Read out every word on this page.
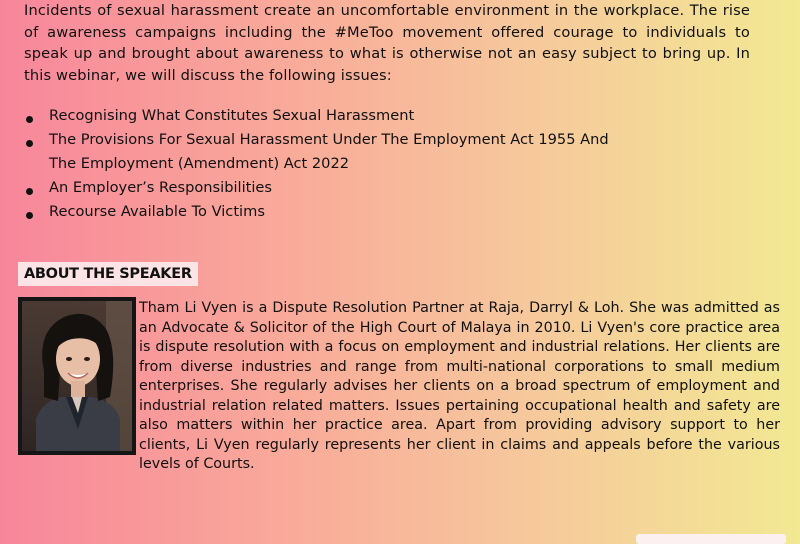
Incidents of sexual harassment create an uncomfortable environment in the workplace. The rise of awareness campaigns including the #MeToo movement offered courage to individuals to speak up and brought about awareness to what is otherwise not an easy subject to bring up. In this webinar, we will discuss the following issues:

Recognising What Constitutes Sexual Harassment
The Provisions For Sexual Harassment Under The Employment Act 1955 And
The Employment (Amendment) Act 2022
An Employer’s Responsibilities
Recourse Available To Victims
ABOUT THE SPEAKER

Tham Li Vyen is a Dispute Resolution Partner at Raja, Darryl & Loh. She was admitted as an Advocate & Solicitor of the High Court of Malaya in 2010. Li Vyen's core practice area is dispute resolution with a focus on employment and industrial relations. Her clients are from diverse industries and range from multi-national corporations to small medium enterprises. She regularly advises her clients on a broad spectrum of employment and industrial relation related matters. Issues pertaining occupational health and safety are also matters within her practice area. Apart from providing advisory support to her clients, Li Vyen regularly represents her client in claims and appeals before the various levels of Courts.
